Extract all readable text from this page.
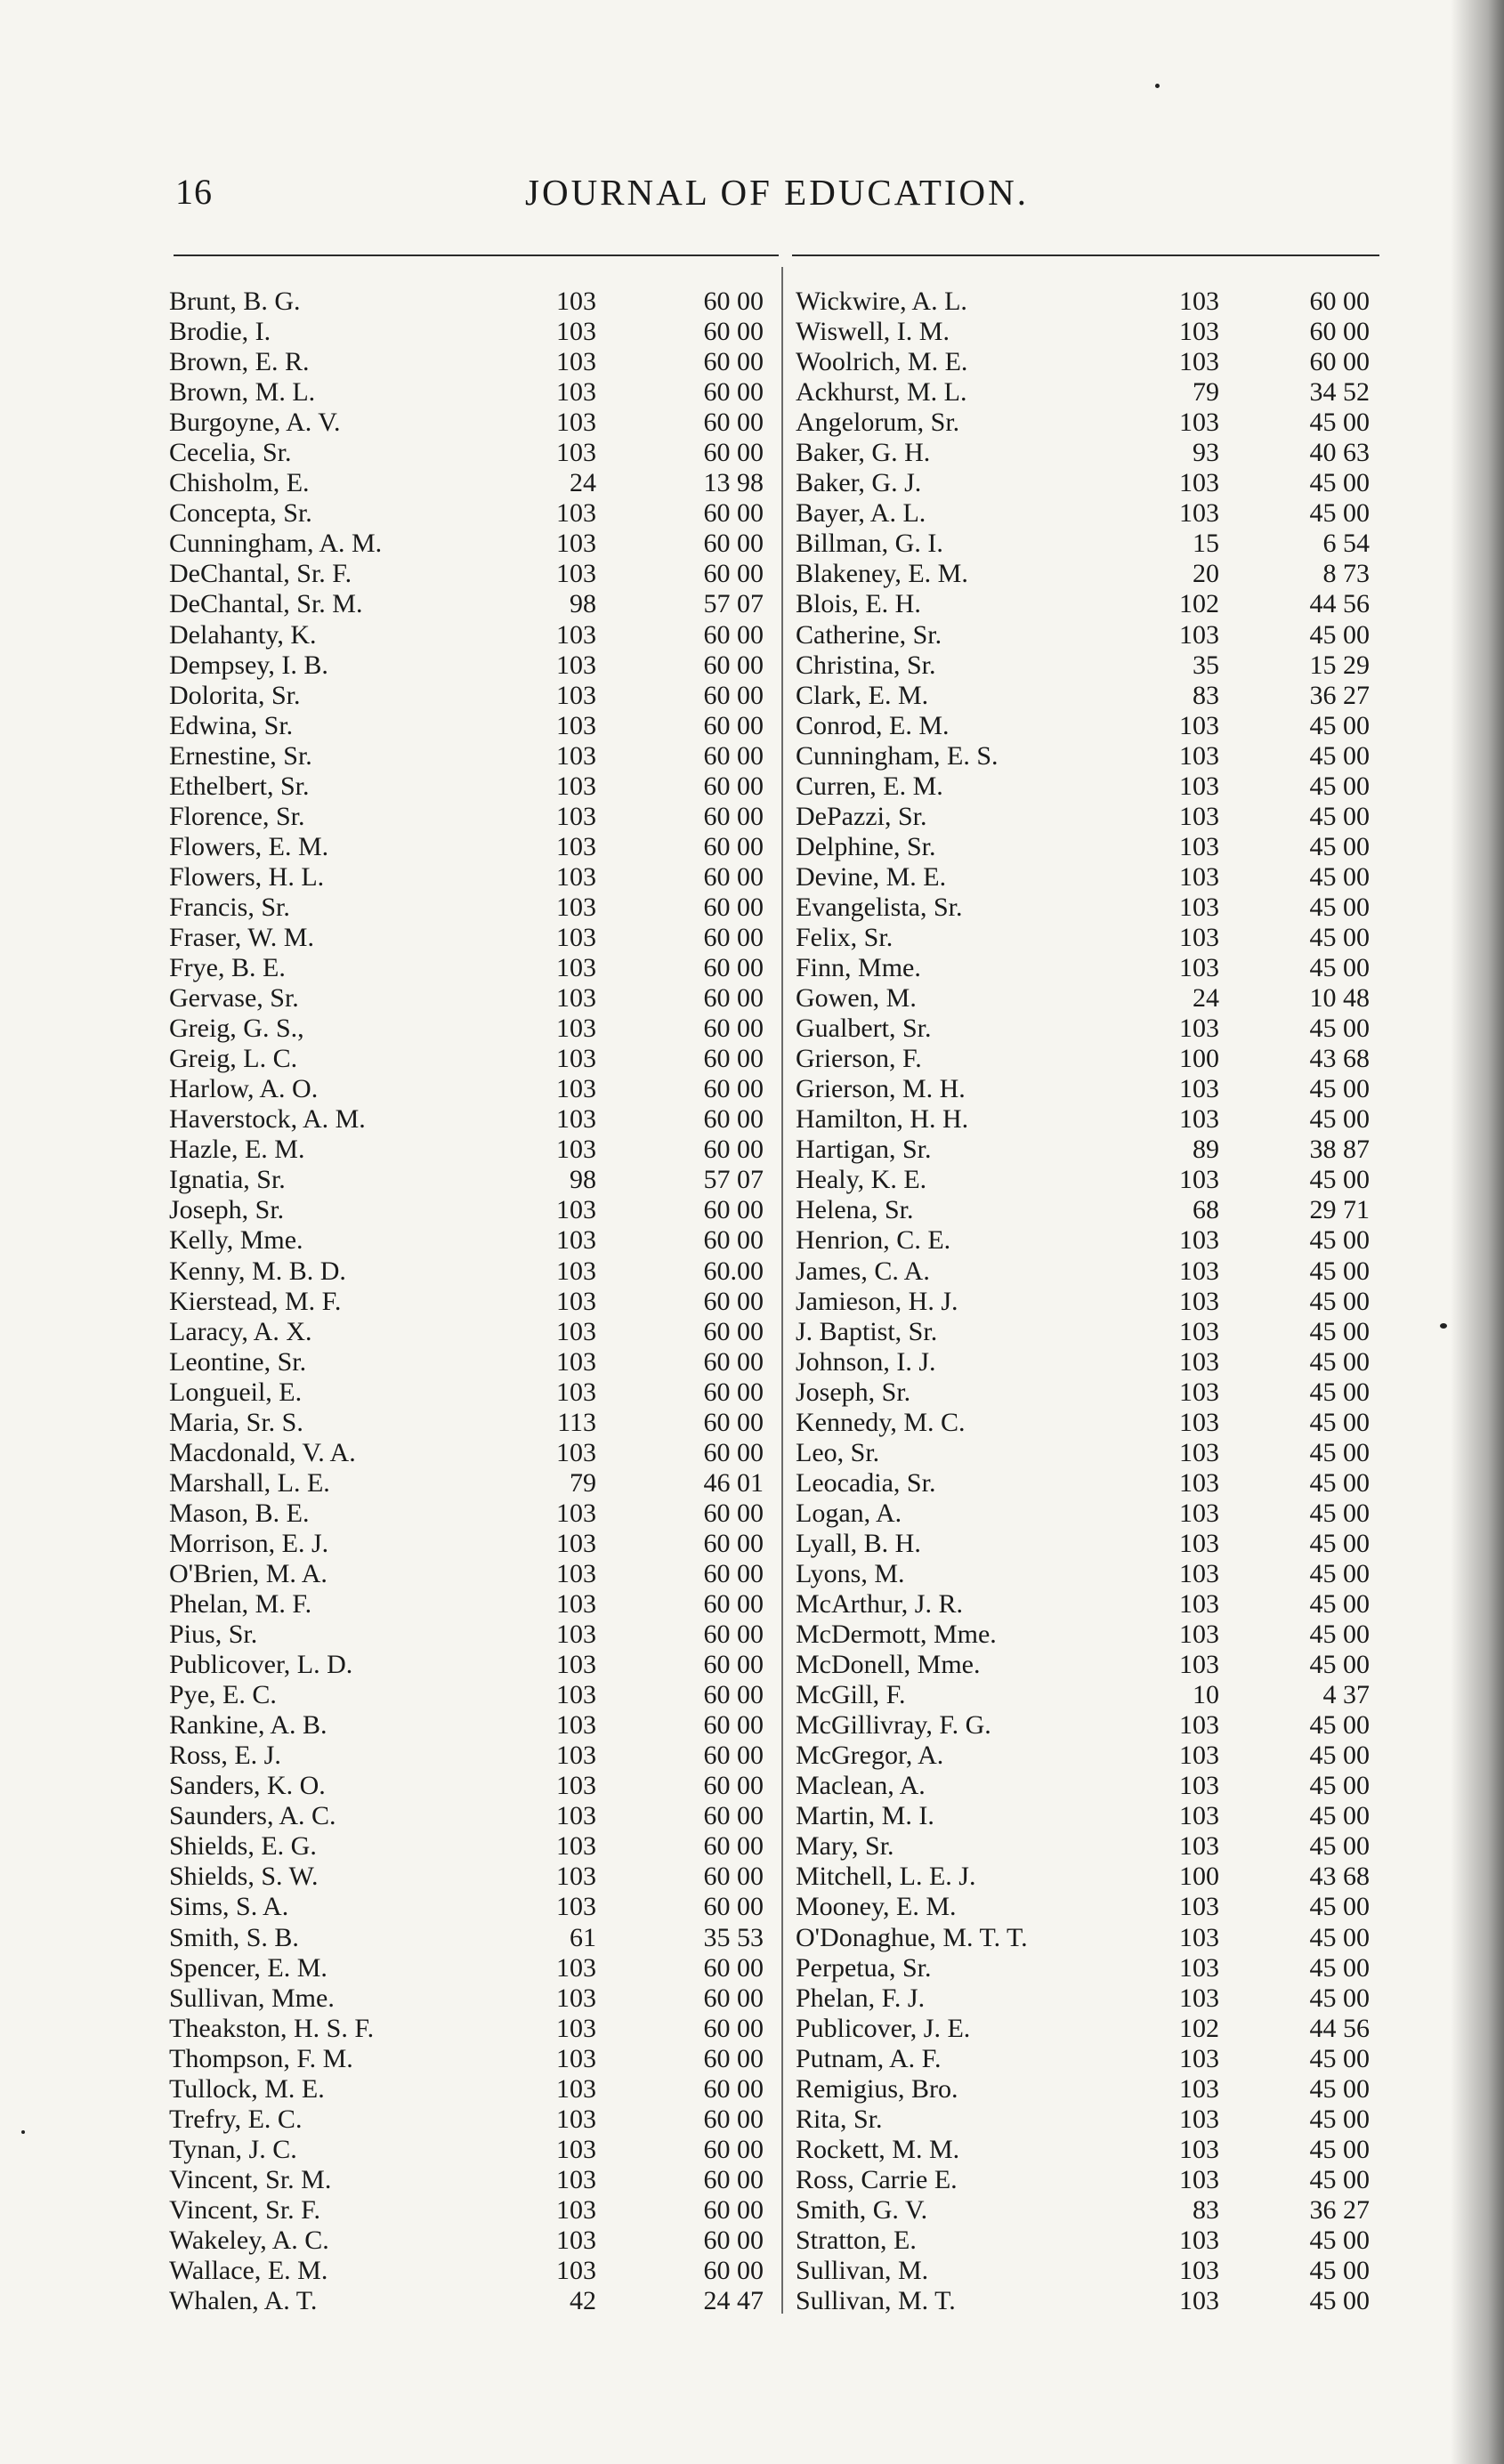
16	JOURNAL OF EDUCATION.
Brunt, B. G.	103	60 00
Brodie, I.	103	60 00
Brown, E. R.	103	60 00
Brown, M. L.	103	60 00
Burgoyne, A. V.	103	60 00
Cecelia, Sr.	103	60 00
Chisholm, E.	24	13 98
Concepta, Sr.	103	60 00
Cunningham, A. M.	103	60 00
DeChantal, Sr. F.	103	60 00
DeChantal, Sr. M.	98	57 07
Delahanty, K.	103	60 00
Dempsey, I. B.	103	60 00
Dolorita, Sr.	103	60 00
Edwina, Sr.	103	60 00
Ernestine, Sr.	103	60 00
Ethelbert, Sr.	103	60 00
Florence, Sr.	103	60 00
Flowers, E. M.	103	60 00
Flowers, H. L.	103	60 00
Francis, Sr.	103	60 00
Fraser, W. M.	103	60 00
Frye, B. E.	103	60 00
Gervase, Sr.	103	60 00
Greig, G. S.,	103	60 00
Greig, L. C.	103	60 00
Harlow, A. O.	103	60 00
Haverstock, A. M.	103	60 00
Hazle, E. M.	103	60 00
Ignatia, Sr.	98	57 07
Joseph, Sr.	103	60 00
Kelly, Mme.	103	60 00
Kenny, M. B. D.	103	60.00
Kierstead, M. F.	103	60 00
Laracy, A. X.	103	60 00
Leontine, Sr.	103	60 00
Longueil, E.	103	60 00
Maria, Sr. S.	113	60 00
Macdonald, V. A.	103	60 00
Marshall, L. E.	79	46 01
Mason, B. E.	103	60 00
Morrison, E. J.	103	60 00
O'Brien, M. A.	103	60 00
Phelan, M. F.	103	60 00
Pius, Sr.	103	60 00
Publicover, L. D.	103	60 00
Pye, E. C.	103	60 00
Rankine, A. B.	103	60 00
Ross, E. J.	103	60 00
Sanders, K. O.	103	60 00
Saunders, A. C.	103	60 00
Shields, E. G.	103	60 00
Shields, S. W.	103	60 00
Sims, S. A.	103	60 00
Smith, S. B.	61	35 53
Spencer, E. M.	103	60 00
Sullivan, Mme.	103	60 00
Theakston, H. S. F.	103	60 00
Thompson, F. M.	103	60 00
Tullock, M. E.	103	60 00
Trefry, E. C.	103	60 00
Tynan, J. C.	103	60 00
Vincent, Sr. M.	103	60 00
Vincent, Sr. F.	103	60 00
Wakeley, A. C.	103	60 00
Wallace, E. M.	103	60 00
Whalen, A. T.	42	24 47
Wickwire, A. L.	103	60 00
Wiswell, I. M.	103	60 00
Woolrich, M. E.	103	60 00
Ackhurst, M. L.	79	34 52
Angelorum, Sr.	103	45 00
Baker, G. H.	93	40 63
Baker, G. J.	103	45 00
Bayer, A. L.	103	45 00
Billman, G. I.	15	6 54
Blakeney, E. M.	20	8 73
Blois, E. H.	102	44 56
Catherine, Sr.	103	45 00
Christina, Sr.	35	15 29
Clark, E. M.	83	36 27
Conrod, E. M.	103	45 00
Cunningham, E. S.	103	45 00
Curren, E. M.	103	45 00
DePazzi, Sr.	103	45 00
Delphine, Sr.	103	45 00
Devine, M. E.	103	45 00
Evangelista, Sr.	103	45 00
Felix, Sr.	103	45 00
Finn, Mme.	103	45 00
Gowen, M.	24	10 48
Gualbert, Sr.	103	45 00
Grierson, F.	100	43 68
Grierson, M. H.	103	45 00
Hamilton, H. H.	103	45 00
Hartigan, Sr.	89	38 87
Healy, K. E.	103	45 00
Helena, Sr.	68	29 71
Henrion, C. E.	103	45 00
James, C. A.	103	45 00
Jamieson, H. J.	103	45 00
J. Baptist, Sr.	103	45 00
Johnson, I. J.	103	45 00
Joseph, Sr.	103	45 00
Kennedy, M. C.	103	45 00
Leo, Sr.	103	45 00
Leocadia, Sr.	103	45 00
Logan, A.	103	45 00
Lyall, B. H.	103	45 00
Lyons, M.	103	45 00
McArthur, J. R.	103	45 00
McDermott, Mme.	103	45 00
McDonell, Mme.	103	45 00
McGill, F.	10	4 37
McGillivray, F. G.	103	45 00
McGregor, A.	103	45 00
Maclean, A.	103	45 00
Martin, M. I.	103	45 00
Mary, Sr.	103	45 00
Mitchell, L. E. J.	100	43 68
Mooney, E. M.	103	45 00
O'Donaghue, M. T. T.	103	45 00
Perpetua, Sr.	103	45 00
Phelan, F. J.	103	45 00
Publicover, J. E.	102	44 56
Putnam, A. F.	103	45 00
Remigius, Bro.	103	45 00
Rita, Sr.	103	45 00
Rockett, M. M.	103	45 00
Ross, Carrie E.	103	45 00
Smith, G. V.	83	36 27
Stratton, E.	103	45 00
Sullivan, M.	103	45 00
Sullivan, M. T.	103	45 00
